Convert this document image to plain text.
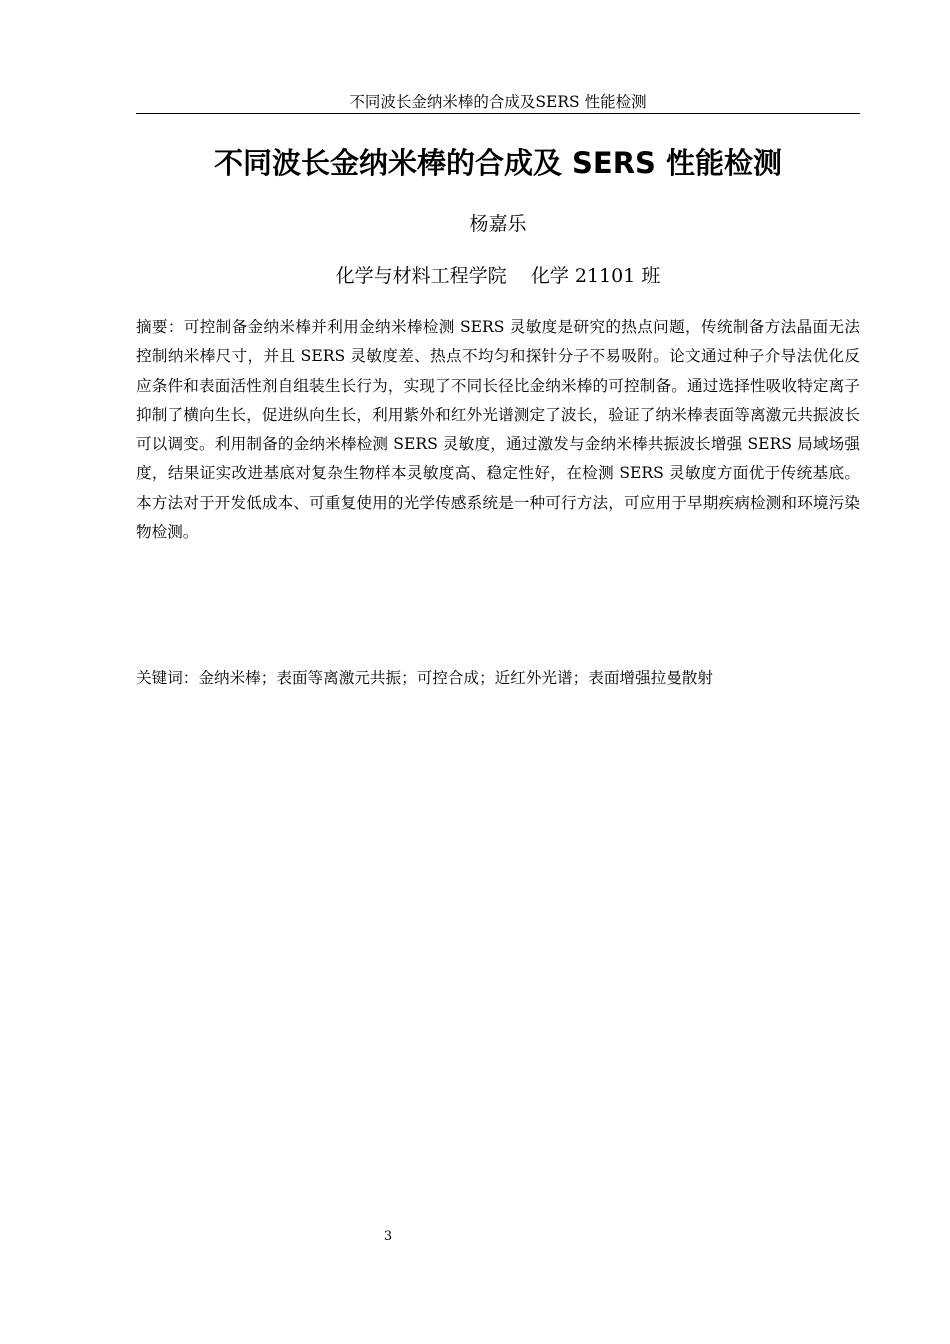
不同波长金纳米棒的合成及SERS 性能检测
不同波长金纳米棒的合成及 SERS 性能检测
杨嘉乐
化学与材料工程学院    化学 21101 班

摘要：可控制备金纳米棒并利用金纳米棒检测 SERS 灵敏度是研究的热点问题，传统制备方法晶面无法控制纳米棒尺寸，并且 SERS 灵敏度差、热点不均匀和探针分子不易吸附。论文通过种子介导法优化反应条件和表面活性剂自组装生长行为，实现了不同长径比金纳米棒的可控制备。通过选择性吸收特定离子抑制了横向生长，促进纵向生长，利用紫外和红外光谱测定了波长，验证了纳米棒表面等离激元共振波长可以调变。利用制备的金纳米棒检测 SERS 灵敏度，通过激发与金纳米棒共振波长增强 SERS 局域场强度，结果证实改进基底对复杂生物样本灵敏度高、稳定性好，在检测 SERS 灵敏度方面优于传统基底。本方法对于开发低成本、可重复使用的光学传感系统是一种可行方法，可应用于早期疾病检测和环境污染物检测。

关键词：金纳米棒；表面等离激元共振；可控合成；近红外光谱；表面增强拉曼散射

3
